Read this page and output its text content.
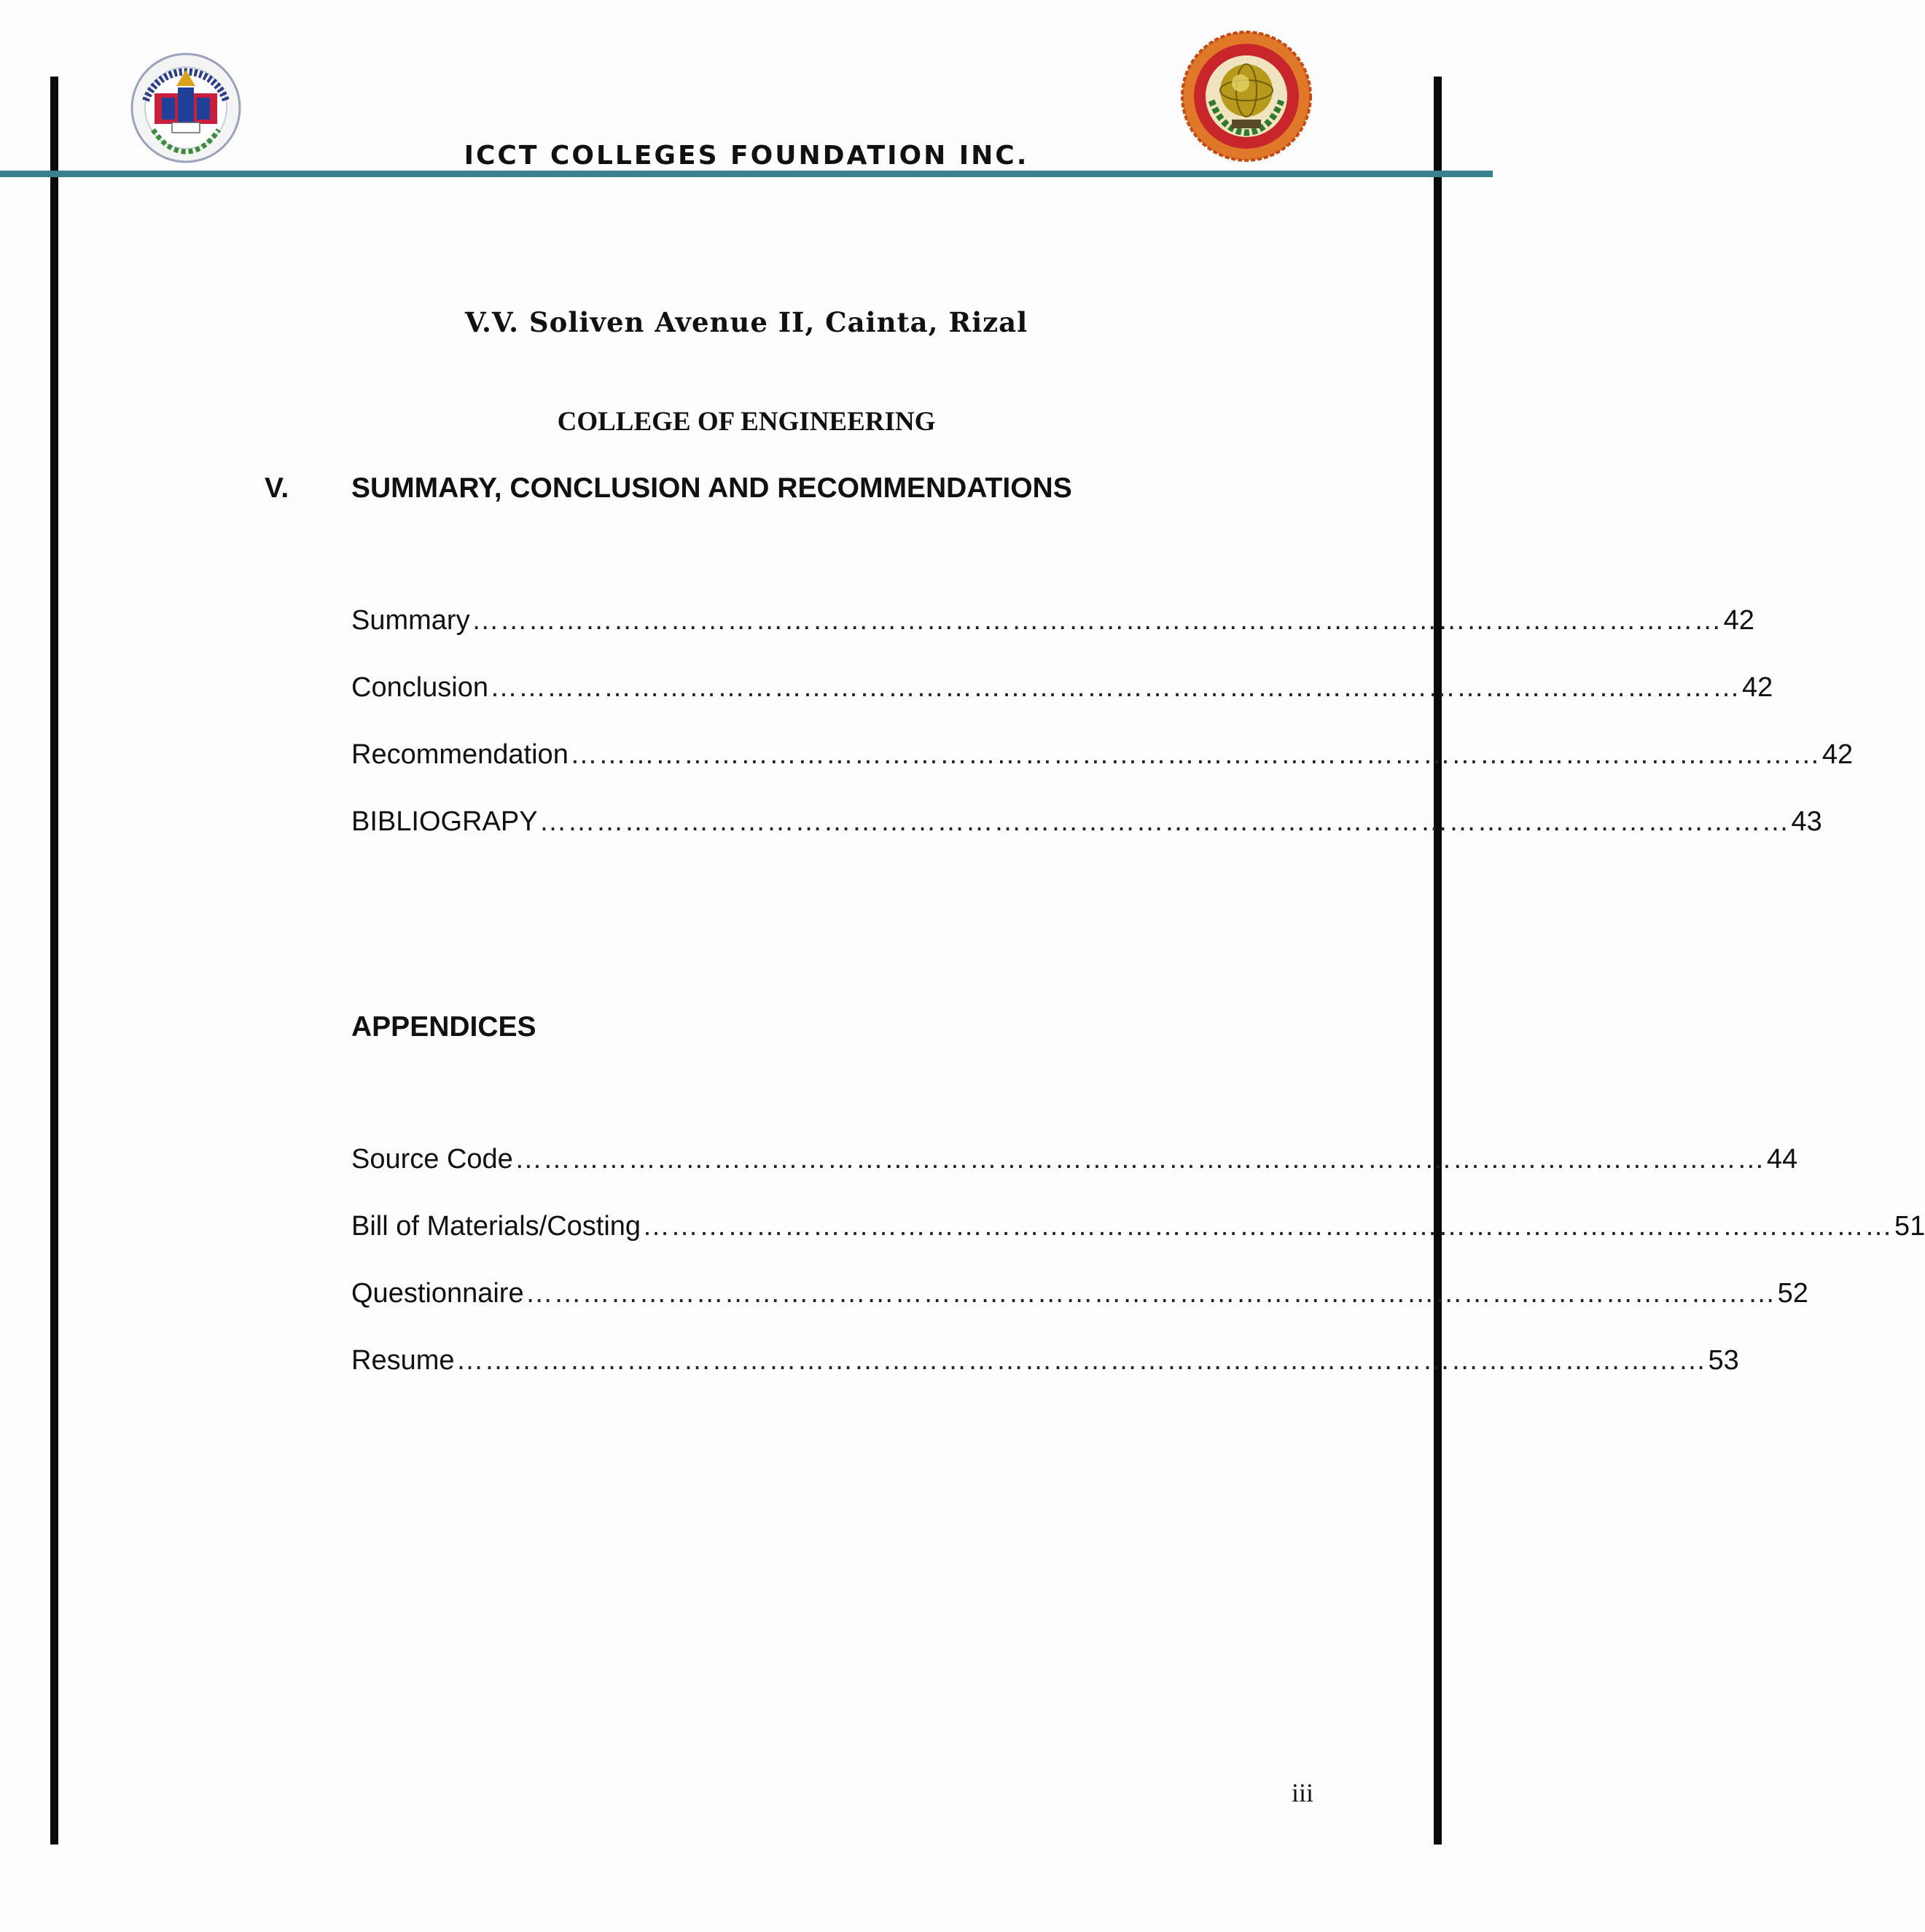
ICCT COLLEGES FOUNDATION INC.
V.V. Soliven Avenue II, Cainta, Rizal
COLLEGE OF ENGINEERING
V. SUMMARY, CONCLUSION AND RECOMMENDATIONS
Summary …………………………………………………………………………………………………………………… 42
Conclusion …………………………………………………………………………………………………………………… 42
Recommendation …………………………………………………………………………………………………………………… 42
BIBLIOGRAPY …………………………………………………………………………………………………………………… 43
APPENDICES
Source Code …………………………………………………………………………………………………………………… 44
Bill of Materials/Costing …………………………………………………………………………………………………………………… 51
Questionnaire …………………………………………………………………………………………………………………… 52
Resume …………………………………………………………………………………………………………………… 53
iii
